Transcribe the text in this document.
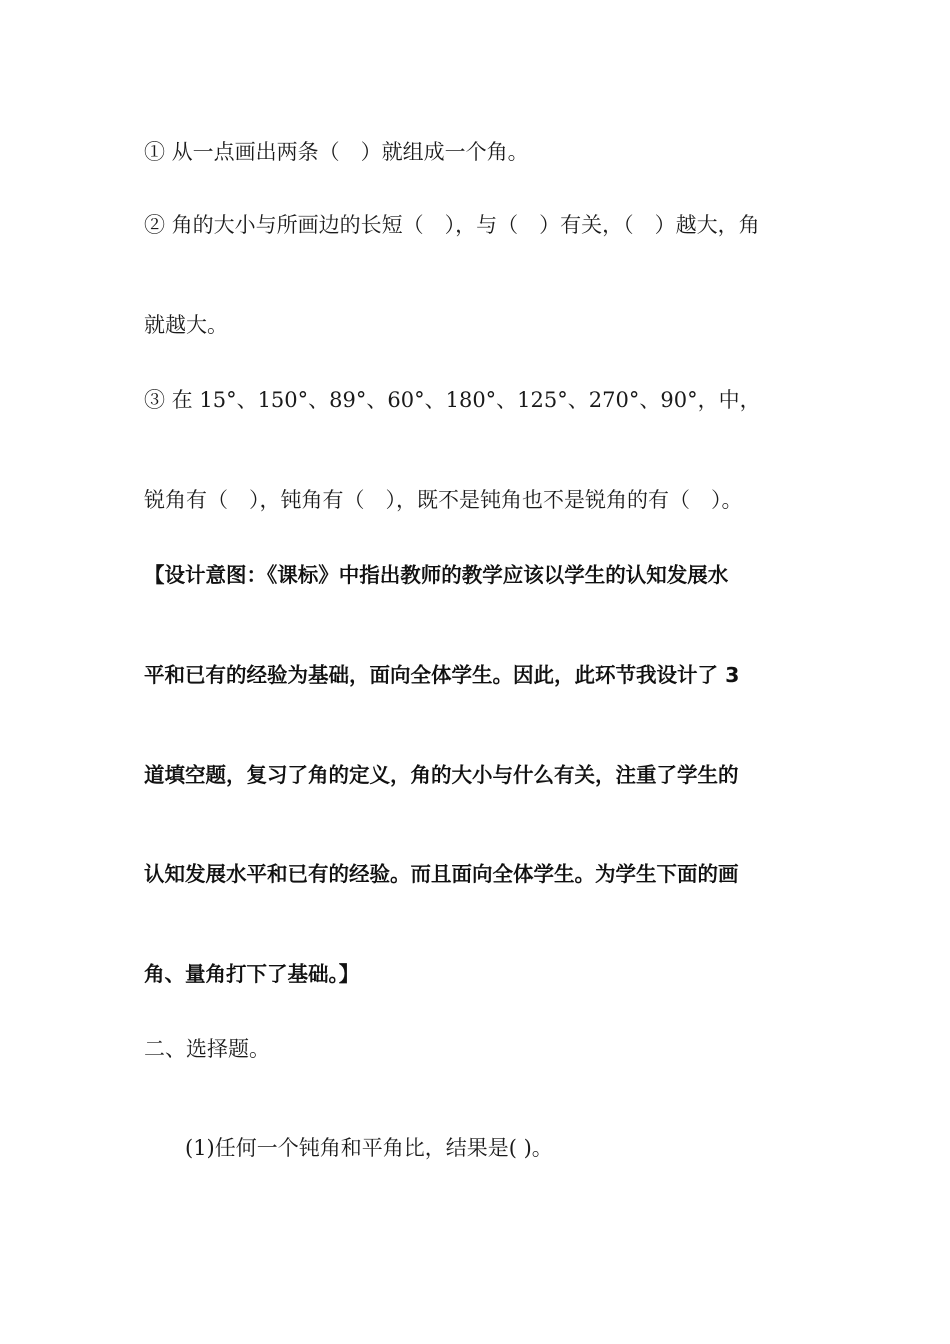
① 从一点画出两条（　）就组成一个角。

② 角的大小与所画边的长短（　），与（　）有关，（　）越大，角

就越大。

③ 在 15°、150°、89°、60°、180°、125°、270°、90°，中，

锐角有（　），钝角有（　），既不是钝角也不是锐角的有（　）。

【设计意图：《课标》中指出教师的教学应该以学生的认知发展水

平和已有的经验为基础，面向全体学生。因此，此环节我设计了 3

道填空题，复习了角的定义，角的大小与什么有关，注重了学生的

认知发展水平和已有的经验。而且面向全体学生。为学生下面的画

角、量角打下了基础。】

二、选择题。

(1)任何一个钝角和平角比，结果是( )。
